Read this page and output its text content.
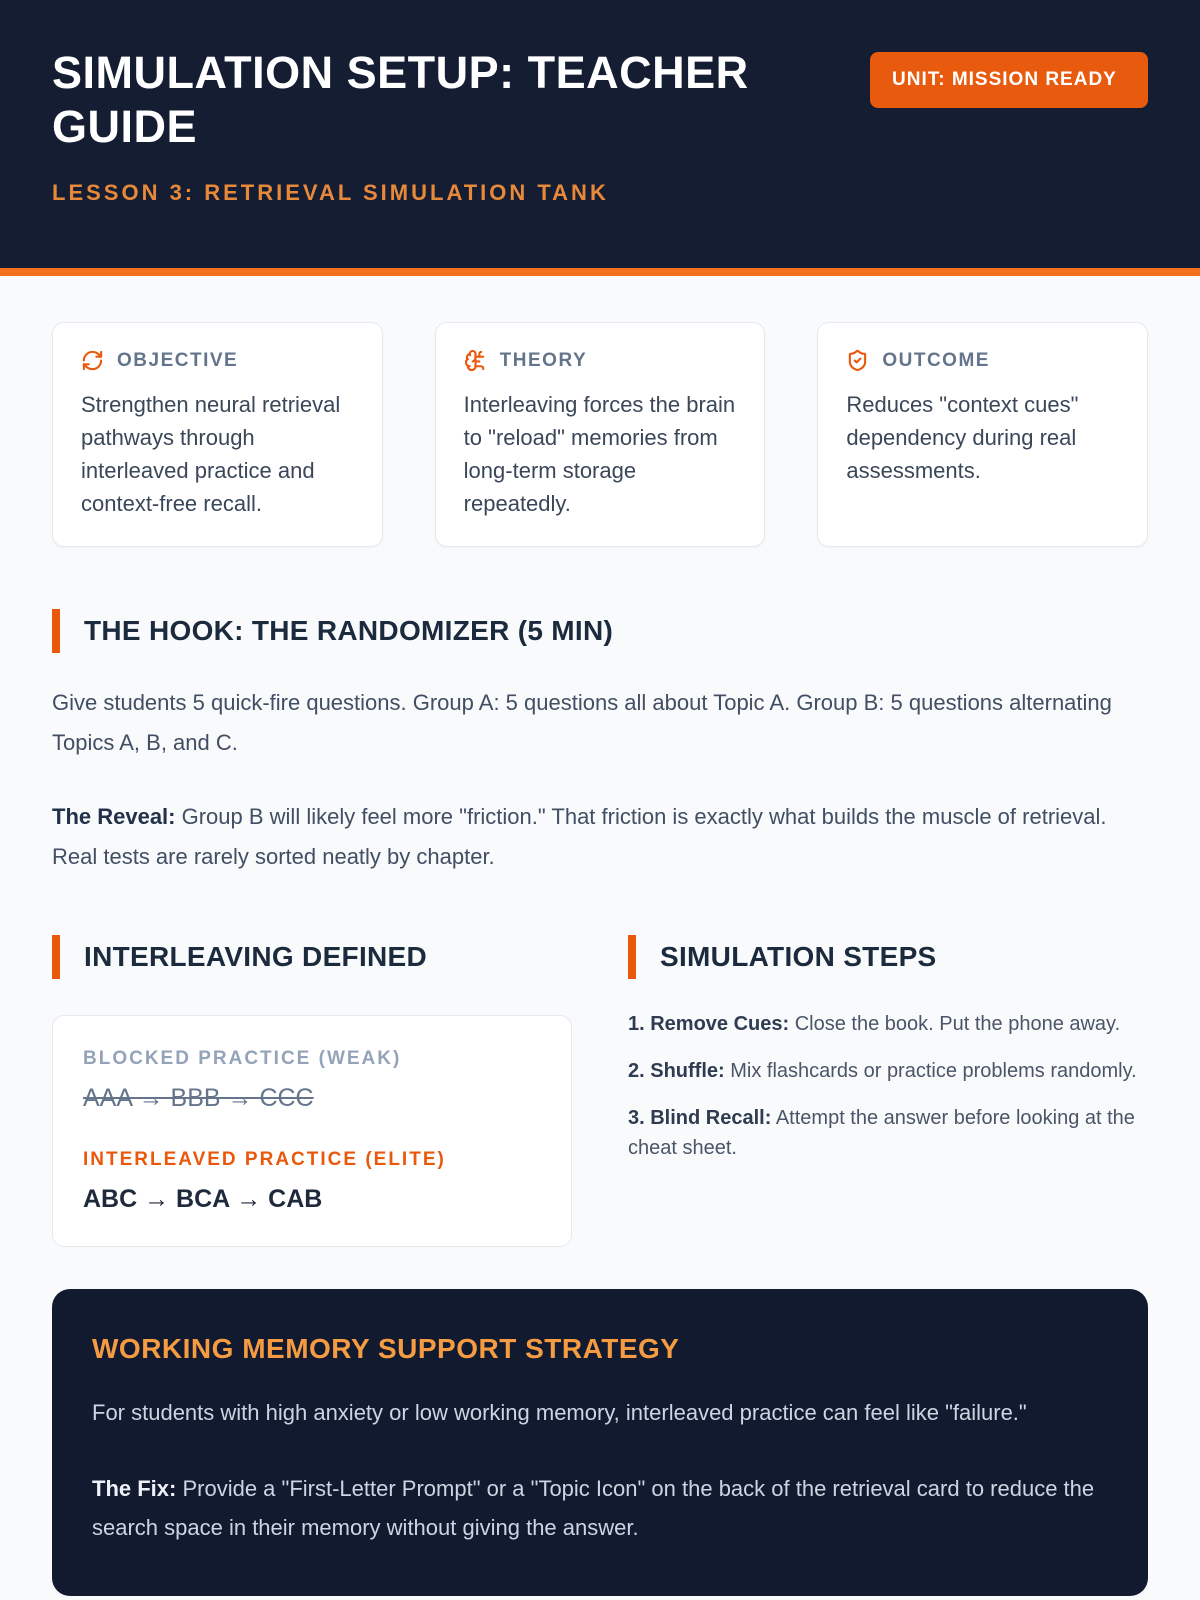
SIMULATION SETUP: TEACHER GUIDE
LESSON 3: RETRIEVAL SIMULATION TANK
UNIT: MISSION READY
OBJECTIVE
Strengthen neural retrieval pathways through interleaved practice and context-free recall.
THEORY
Interleaving forces the brain to "reload" memories from long-term storage repeatedly.
OUTCOME
Reduces "context cues" dependency during real assessments.
THE HOOK: THE RANDOMIZER (5 MIN)

Give students 5 quick-fire questions. Group A: 5 questions all about Topic A. Group B: 5 questions alternating Topics A, B, and C.

The Reveal: Group B will likely feel more "friction." That friction is exactly what builds the muscle of retrieval. Real tests are rarely sorted neatly by chapter.

INTERLEAVING DEFINED
BLOCKED PRACTICE (WEAK)
AAA → BBB → CCC
INTERLEAVED PRACTICE (ELITE)
ABC → BCA → CAB
SIMULATION STEPS

1. Remove Cues: Close the book. Put the phone away.

2. Shuffle: Mix flashcards or practice problems randomly.

3. Blind Recall: Attempt the answer before looking at the cheat sheet.

WORKING MEMORY SUPPORT STRATEGY

For students with high anxiety or low working memory, interleaved practice can feel like "failure."

The Fix: Provide a "First-Letter Prompt" or a "Topic Icon" on the back of the retrieval card to reduce the search space in their memory without giving the answer.
